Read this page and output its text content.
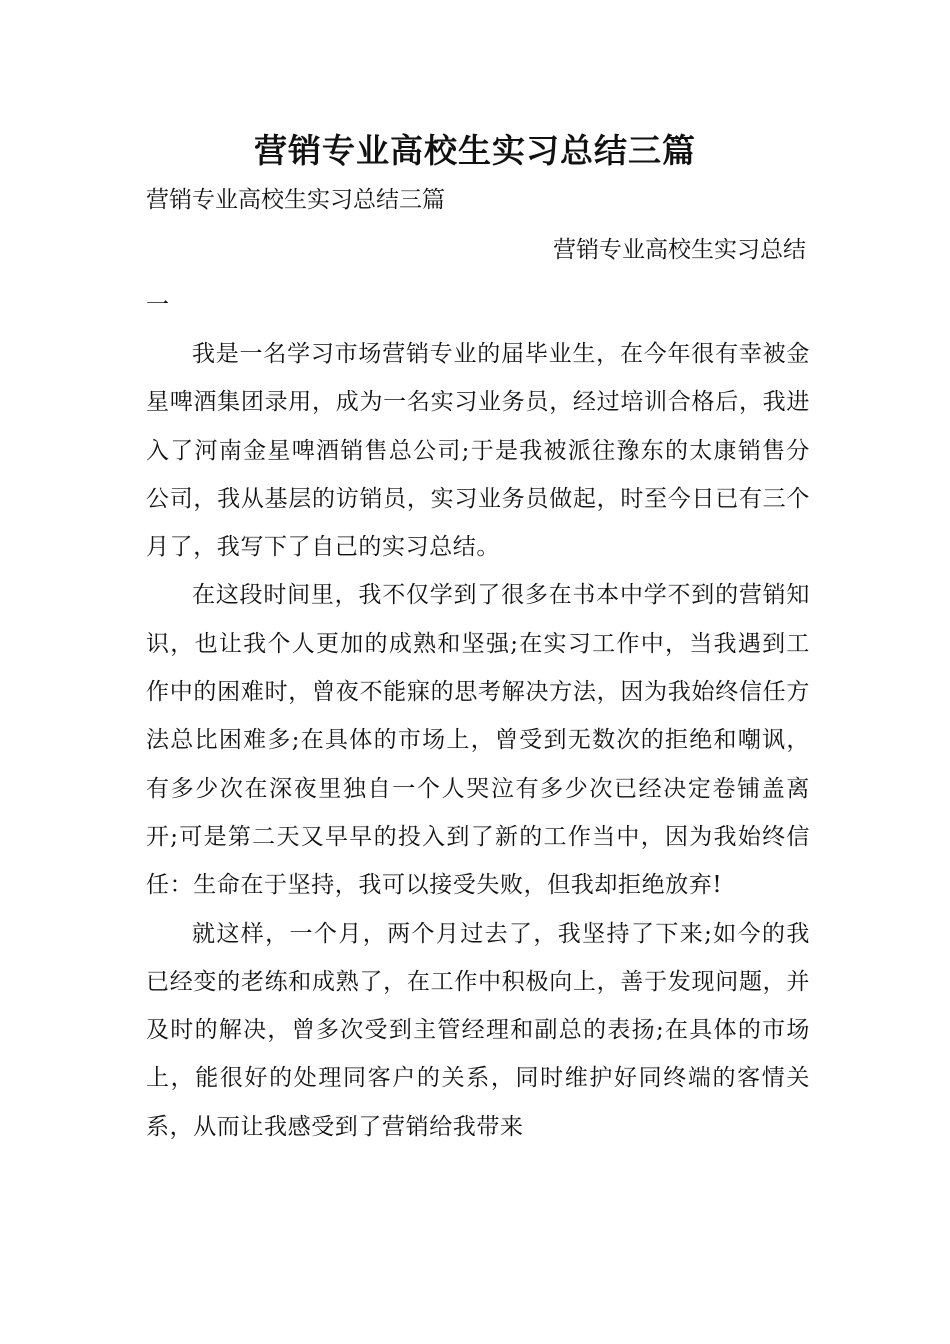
营销专业高校生实习总结三篇

营销专业高校生实习总结三篇

营销专业高校生实习总结
一

我是一名学习市场营销专业的届毕业生，在今年很有幸被金星啤酒集团录用，成为一名实习业务员，经过培训合格后，我进入了河南金星啤酒销售总公司;于是我被派往豫东的太康销售分公司，我从基层的访销员，实习业务员做起，时至今日已有三个月了，我写下了自己的实习总结。

在这段时间里，我不仅学到了很多在书本中学不到的营销知识，也让我个人更加的成熟和坚强;在实习工作中，当我遇到工作中的困难时，曾夜不能寐的思考解决方法，因为我始终信任方法总比困难多;在具体的市场上，曾受到无数次的拒绝和嘲讽，有多少次在深夜里独自一个人哭泣有多少次已经决定卷铺盖离开;可是第二天又早早的投入到了新的工作当中，因为我始终信任：生命在于坚持，我可以接受失败，但我却拒绝放弃!

就这样，一个月，两个月过去了，我坚持了下来;如今的我已经变的老练和成熟了，在工作中积极向上，善于发现问题，并及时的解决，曾多次受到主管经理和副总的表扬;在具体的市场上，能很好的处理同客户的关系，同时维护好同终端的客情关系，从而让我感受到了营销给我带来
